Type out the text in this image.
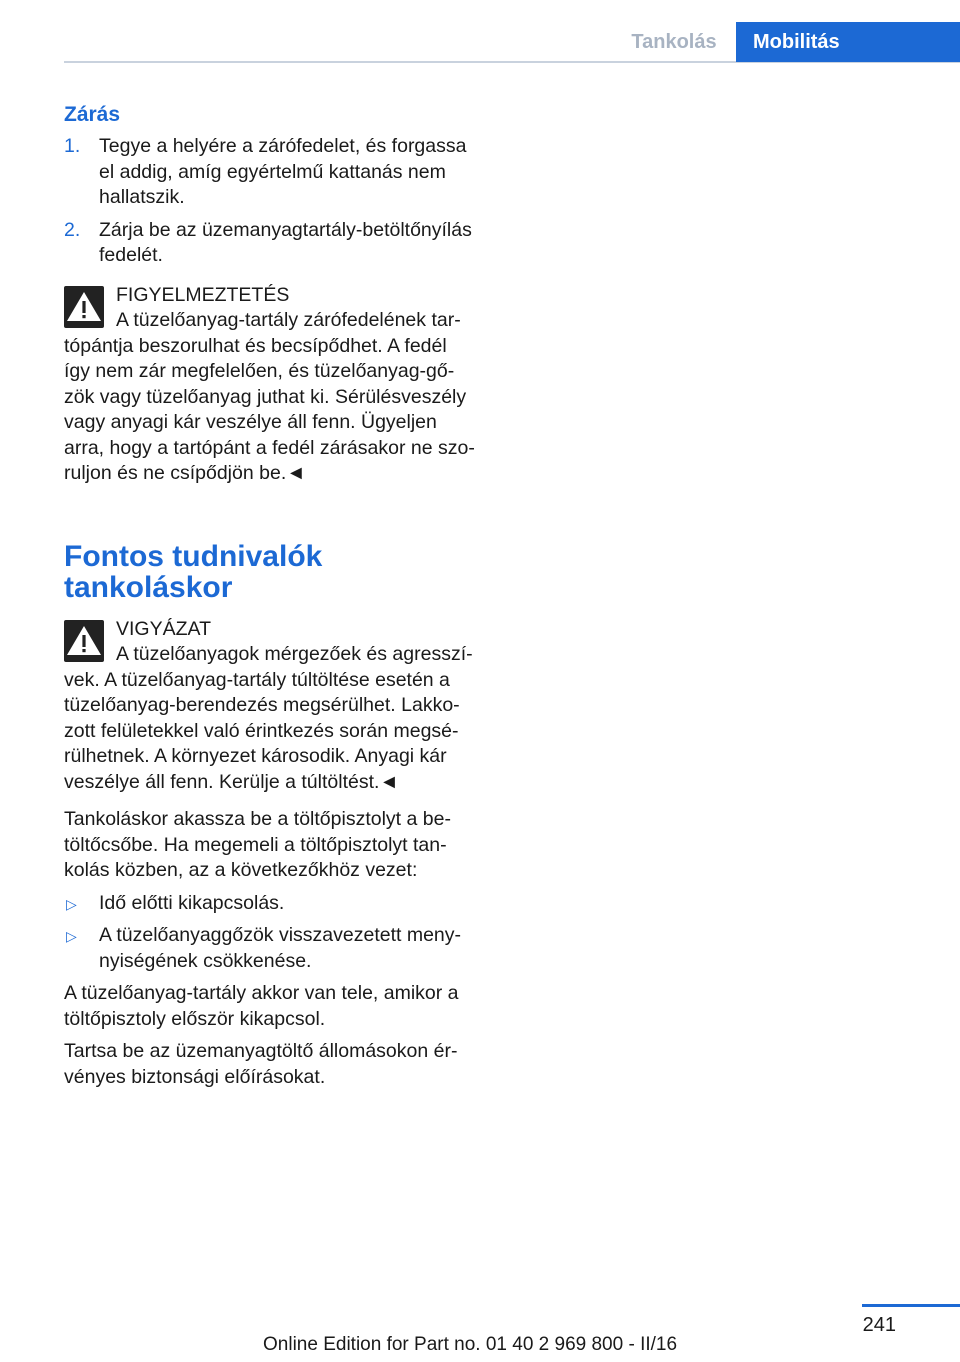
Tankolás	Mobilitás
Zárás
1. Tegye a helyére a zárófedelet, és forgassa el addig, amíg egyértelmű kattanás nem hallatszik.
2. Zárja be az üzemanyagtartály-betöltőnyílás fedelét.
FIGYELMEZTETÉS

A tüzelőanyag-tartály zárófedelének tartópántja beszorulhat és becsípődhet. A fedél így nem zár megfelelően, és tüzelőanyag-gőzök vagy tüzelőanyag juthat ki. Sérülésveszély vagy anyagi kár veszélye áll fenn. Ügyeljen arra, hogy a tartópánt a fedél zárásakor ne szoruljon és ne csípődjön be.◄

Fontos tudnivalók tankoláskor
VIGYÁZAT

A tüzelőanyagok mérgezőek és agresszívek. A tüzelőanyag-tartály túltöltése esetén a tüzelőanyag-berendezés megsérülhet. Lakkozott felületekkel való érintkezés során megsérülhetnek. A környezet károsodik. Anyagi kár veszélye áll fenn. Kerülje a túltöltést.◄

Tankoláskor akassza be a töltőpisztolyt a betöltőcsőbe. Ha megemeli a töltőpisztolyt tankolás közben, az a következőkhöz vezet:

▷ Idő előtti kikapcsolás.
▷ A tüzelőanyaggőzök visszavezetett menynyiségének csökkenése.

A tüzelőanyag-tartály akkor van tele, amikor a töltőpisztoly először kikapcsol.

Tartsa be az üzemanyagtöltő állomásokon érvényes biztonsági előírásokat.

241
Online Edition for Part no. 01 40 2 969 800 - II/16
